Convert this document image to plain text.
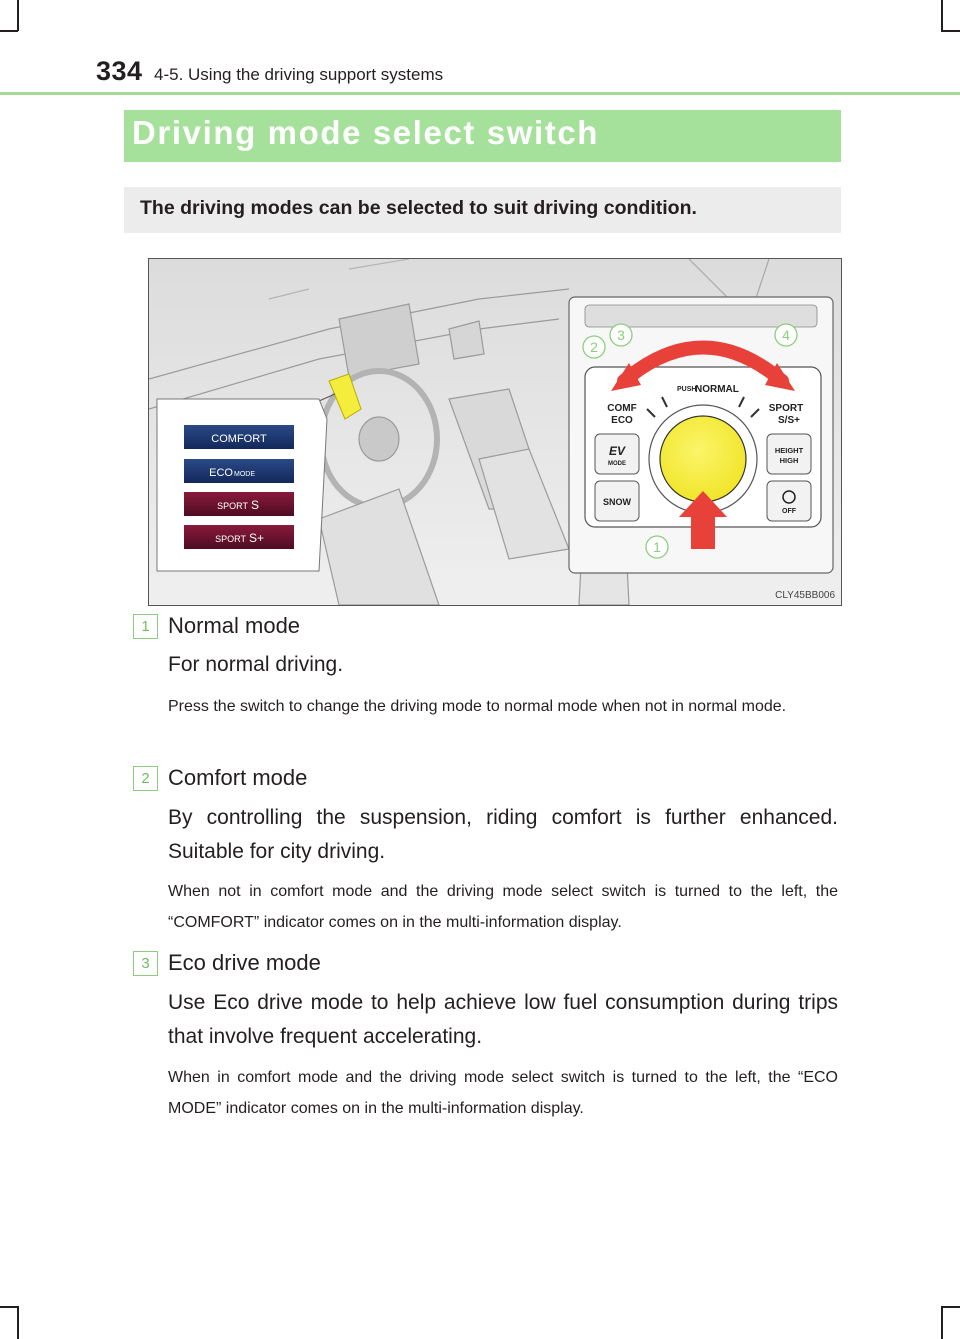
334 4-5. Using the driving support systems
Driving mode select switch
The driving modes can be selected to suit driving condition.
COMFORT
ECO MODE
SPORT S
SPORT S+
PUSH
NORMAL
COMF
ECO
SPORT
S/S+
EV
MODE
SNOW
HEIGHT
HIGH
OFF
2
3	4
1
CLY45BB006
1 Normal mode
For normal driving.
Press the switch to change the driving mode to normal mode when not in normal mode.
2 Comfort mode
By controlling the suspension, riding comfort is further enhanced. Suitable for city driving.
When not in comfort mode and the driving mode select switch is turned to the left, the “COMFORT” indicator comes on in the multi-information display.
3 Eco drive mode
Use Eco drive mode to help achieve low fuel consumption during trips that involve frequent accelerating.
When in comfort mode and the driving mode select switch is turned to the left, the “ECO MODE” indicator comes on in the multi-information display.
